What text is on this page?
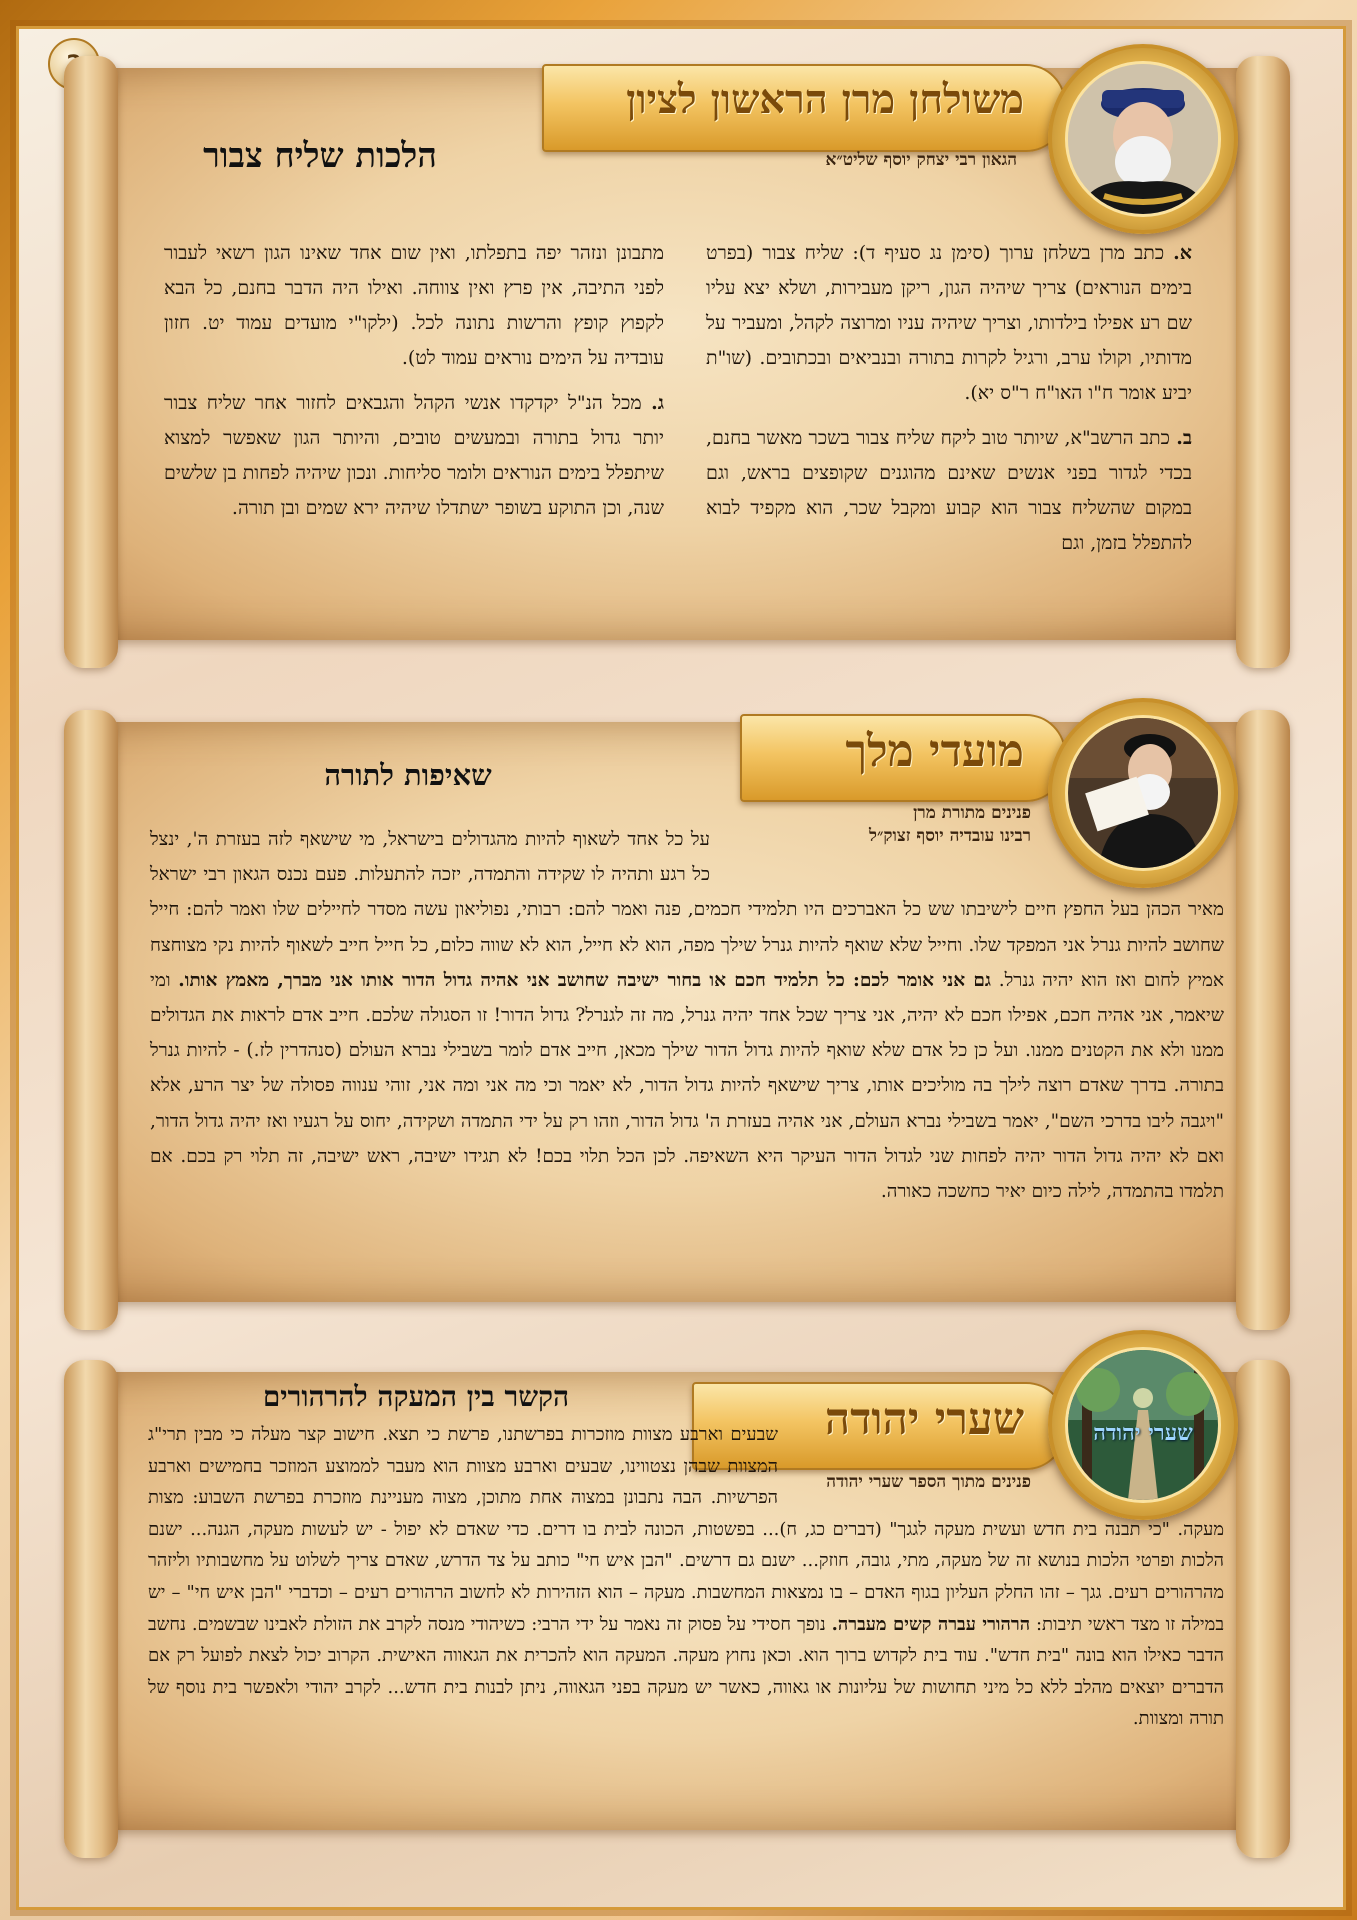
משולחן מרן הראשון לציון
הגאון רבי יצחק יוסף שליט״א
הלכות שליח צבור

א. כתב מרן בשלחן ערוך (סימן נג סעיף ד): שליח צבור (בפרט בימים הנוראים) צריך שיהיה הגון, ריקן מעבירות, ושלא יצא עליו שם רע אפילו בילדותו, וצריך שיהיה עניו ומרוצה לקהל, ומעביר על מדותיו, וקולו ערב, ורגיל לקרות בתורה ובנביאים ובכתובים. (שו"ת יביע אומר ח"ו האו"ח ר"ס יא).

ב. כתב הרשב"א, שיותר טוב ליקח שליח צבור בשכר מאשר בחנם, בכדי לגדור בפני אנשים שאינם מהוגנים שקופצים בראש, וגם במקום שהשליח צבור הוא קבוע ומקבל שכר, הוא מקפיד לבוא להתפלל בזמן, וגם

מתבונן ונזהר יפה בתפלתו, ואין שום אחד שאינו הגון רשאי לעבור לפני התיבה, אין פרץ ואין צווחה. ואילו היה הדבר בחנם, כל הבא לקפוץ קופץ והרשות נתונה לכל. (ילקו"י מועדים עמוד יט. חזון עובדיה על הימים נוראים עמוד לט).

ג. מכל הנ"ל יקדקדו אנשי הקהל והגבאים לחזור אחר שליח צבור יותר גדול בתורה ובמעשים טובים, והיותר הגון שאפשר למצוא שיתפלל בימים הנוראים ולומר סליחות. ונכון שיהיה לפחות בן שלשים שנה, וכן התוקע בשופר ישתדלו שיהיה ירא שמים ובן תורה.

מועדי מלך
פנינים מתורת מרן
רבינו עובדיה יוסף זצוק״ל
שאיפות לתורה
על כל אחד לשאוף להיות מהגדולים בישראל, מי שישאף לזה בעזרת ה', ינצל כל רגע ותהיה לו שקידה והתמדה, יזכה להתעלות. פעם נכנס הגאון רבי ישראל מאיר הכהן בעל החפץ חיים לישיבתו שש כל האברכים היו תלמידי חכמים, פנה ואמר להם: רבותי, נפוליאון עשה מסדר לחיילים שלו ואמר להם: חייל שחושב להיות גנרל אני המפקד שלו. וחייל שלא שואף להיות גנרל שילך מפה, הוא לא חייל, הוא לא שווה כלום, כל חייל חייב לשאוף להיות נקי מצוחצח אמיץ לחום ואז הוא יהיה גנרל. גם אני אומר לכם: כל תלמיד חכם או בחור ישיבה שחושב אני אהיה גדול הדור אותו אני מברך, מאמץ אותו. ומי שיאמר, אני אהיה חכם, אפילו חכם לא יהיה, אני צריך שכל אחד יהיה גנרל, מה זה לגנרל? גדול הדור! זו הסגולה שלכם. חייב אדם לראות את הגדולים ממנו ולא את הקטנים ממנו. ועל כן כל אדם שלא שואף להיות גדול הדור שילך מכאן, חייב אדם לומר בשבילי נברא העולם (סנהדרין לז.) - להיות גנרל בתורה. בדרך שאדם רוצה לילך בה מוליכים אותו, צריך שישאף להיות גדול הדור, לא יאמר וכי מה אני ומה אני, זוהי ענווה פסולה של יצר הרע, אלא "ויגבה ליבו בדרכי השם", יאמר בשבילי נברא העולם, אני אהיה בעזרת ה' גדול הדור, וזהו רק על ידי התמדה ושקידה, יחוס על רגעיו ואז יהיה גדול הדור, ואם לא יהיה גדול הדור יהיה לפחות שני לגדול הדור העיקר היא השאיפה. לכן הכל תלוי בכם! לא תגידו ישיבה, ראש ישיבה, זה תלוי רק בכם. אם תלמדו בהתמדה, לילה כיום יאיר כחשכה כאורה.
שערי יהודה
פנינים מתוך הספר שערי יהודה
שערי יהודה
הקשר בין המעקה להרהורים
שבעים וארבע מצוות מוזכרות בפרשתנו, פרשת כי תצא. חישוב קצר מעלה כי מבין תרי"ג המצוות שבהן נצטווינו, שבעים וארבע מצוות הוא מעבר לממוצע המוזכר בחמישים וארבע הפרשיות. הבה נתבונן במצוה אחת מתוכן, מצוה מעניינת מוזכרת בפרשת השבוע: מצות מעקה. "כי תבנה בית חדש ועשית מעקה לגגך" (דברים כג, ח)... בפשטות, הכונה לבית בו דרים. כדי שאדם לא יפול - יש לעשות מעקה, הגנה... ישנם הלכות ופרטי הלכות בנושא זה של מעקה, מתי, גובה, חוזק... ישנם גם דרשים. "הבן איש חי" כותב על צד הדרש, שאדם צריך לשלוט על מחשבותיו וליזהר מהרהורים רעים. גגך – זהו החלק העליון בגוף האדם – בו נמצאות המחשבות. מעקה – הוא הזהירות לא לחשוב הרהורים רעים – וכדברי "הבן איש חי" – יש במילה זו מצד ראשי תיבות: הרהורי עברה קשים מעברה. נופך חסידי על פסוק זה נאמר על ידי הרבי: כשיהודי מנסה לקרב את הזולת לאבינו שבשמים. נחשב הדבר כאילו הוא בונה "בית חדש". עוד בית לקדוש ברוך הוא. וכאן נחוץ מעקה. המעקה הוא להכרית את הגאווה האישית. הקרוב יכול לצאת לפועל רק אם הדברים יוצאים מהלב ללא כל מיני תחושות של עליונות או גאווה, כאשר יש מעקה בפני הגאווה, ניתן לבנות בית חדש... לקרב יהודי ולאפשר בית נוסף של תורה ומצוות.
